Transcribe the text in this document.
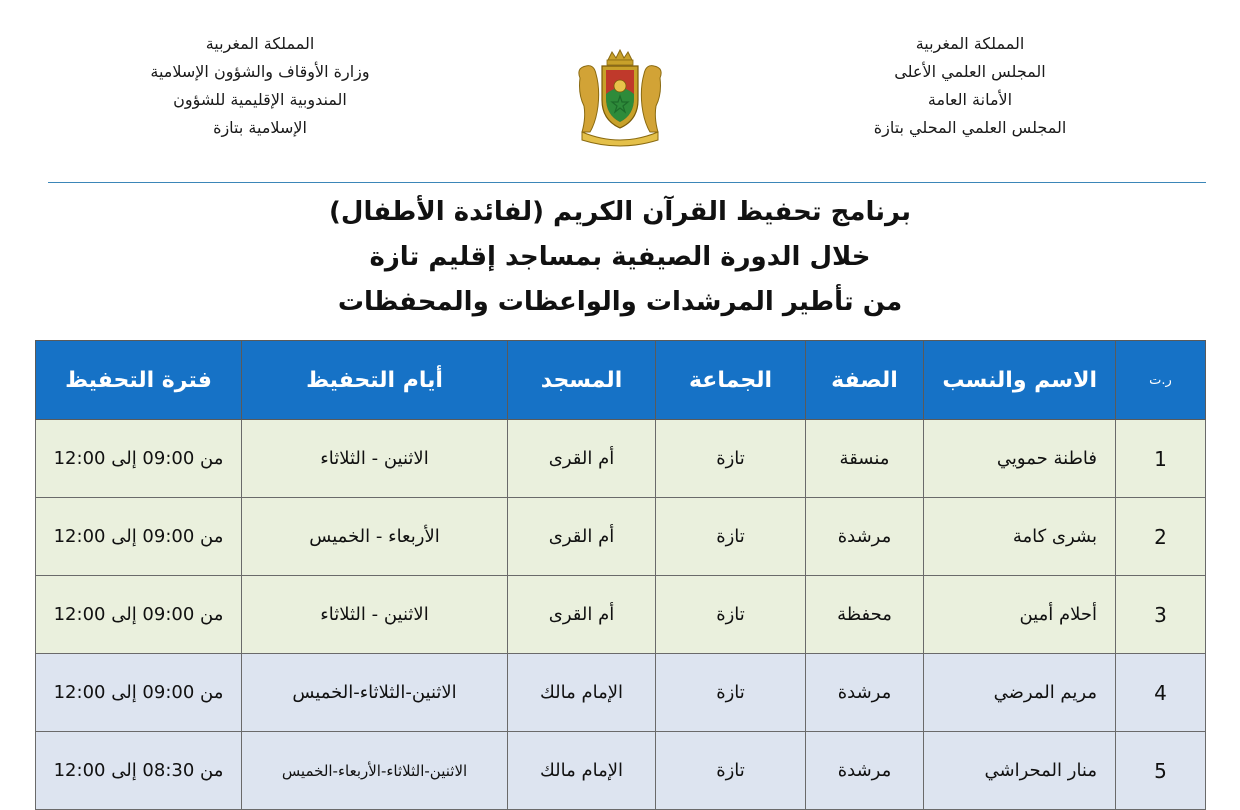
المملكة المغربية
المجلس العلمي الأعلى
الأمانة العامة
المجلس العلمي المحلي بتازة
المملكة المغربية
وزارة الأوقاف والشؤون الإسلامية
المندوبية الإقليمية للشؤون
الإسلامية بتازة
برنامج تحفيظ القرآن الكريم (لفائدة الأطفال)
خلال الدورة الصيفية بمساجد إقليم تازة
من تأطير المرشدات والواعظات والمحفظات
ر.ت	الاسم والنسب	الصفة	الجماعة	المسجد	أيام التحفيظ	فترة التحفيظ
1	فاطنة حمويي	منسقة	تازة	أم القرى	الاثنين - الثلاثاء	من 09:00 إلى 12:00
2	بشرى كامة	مرشدة	تازة	أم القرى	الأربعاء - الخميس	من 09:00 إلى 12:00
3	أحلام أمين	محفظة	تازة	أم القرى	الاثنين - الثلاثاء	من 09:00 إلى 12:00
4	مريم المرضي	مرشدة	تازة	الإمام مالك	الاثنين-الثلاثاء-الخميس	من 09:00 إلى 12:00
5	منار المحراشي	مرشدة	تازة	الإمام مالك	الاثنين-الثلاثاء-الأربعاء-الخميس	من 08:30 إلى 12:00
